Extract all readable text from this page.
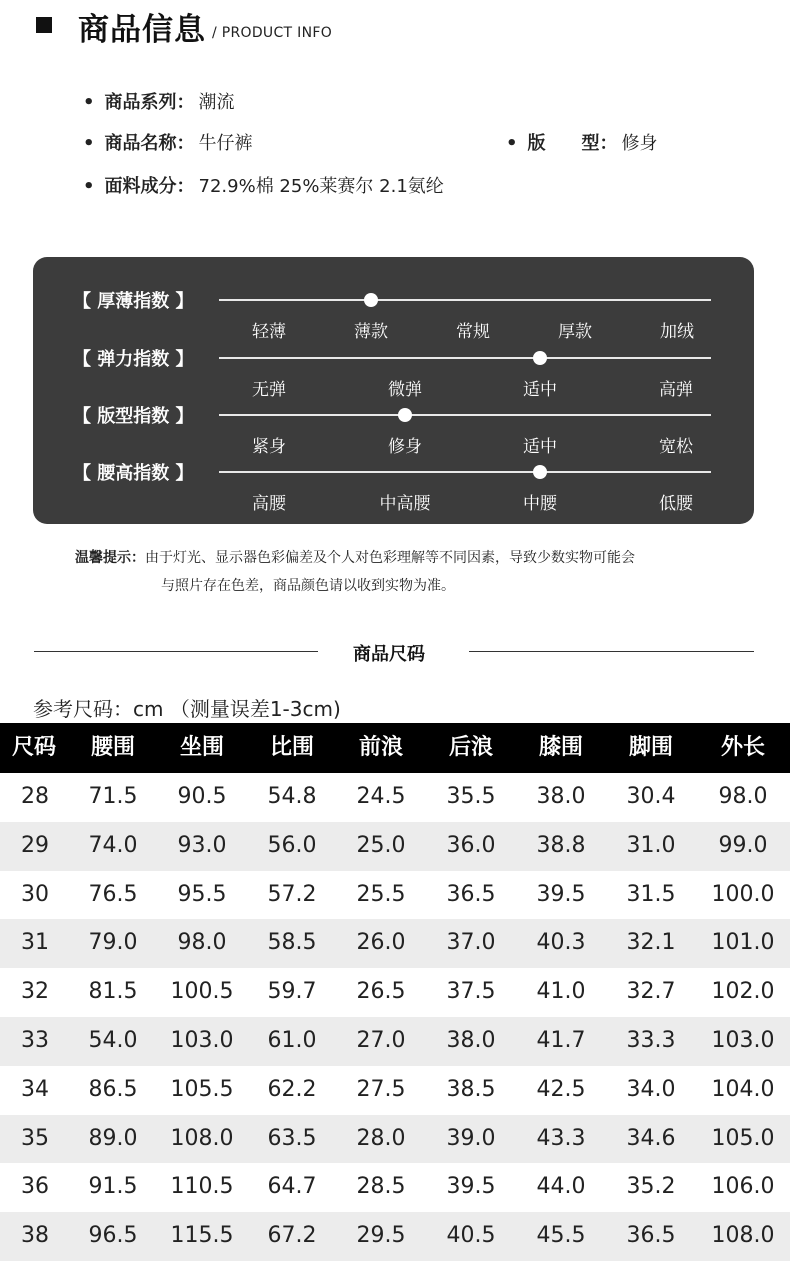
商品信息 / PRODUCT INFO
• 商品系列： 潮流
• 商品名称： 牛仔裤	• 版　　型： 修身
• 面料成分： 72.9%棉 25%莱赛尔 2.1氨纶
【 厚薄指数 】
轻薄	薄款	常规	厚款	加绒
【 弹力指数 】
无弹	微弹	适中	高弹
【 版型指数 】
紧身	修身	适中	宽松
【 腰高指数 】
高腰	中高腰	中腰	低腰
温馨提示：由于灯光、显示器色彩偏差及个人对色彩理解等不同因素，导致少数实物可能会
与照片存在色差，商品颜色请以收到实物为准。
商品尺码
参考尺码：cm （测量误差1-3cm)
尺码	腰围	坐围	比围	前浪	后浪	膝围	脚围	外长
28	71.5	90.5	54.8	24.5	35.5	38.0	30.4	98.0
29	74.0	93.0	56.0	25.0	36.0	38.8	31.0	99.0
30	76.5	95.5	57.2	25.5	36.5	39.5	31.5	100.0
31	79.0	98.0	58.5	26.0	37.0	40.3	32.1	101.0
32	81.5	100.5	59.7	26.5	37.5	41.0	32.7	102.0
33	54.0	103.0	61.0	27.0	38.0	41.7	33.3	103.0
34	86.5	105.5	62.2	27.5	38.5	42.5	34.0	104.0
35	89.0	108.0	63.5	28.0	39.0	43.3	34.6	105.0
36	91.5	110.5	64.7	28.5	39.5	44.0	35.2	106.0
38	96.5	115.5	67.2	29.5	40.5	45.5	36.5	108.0
